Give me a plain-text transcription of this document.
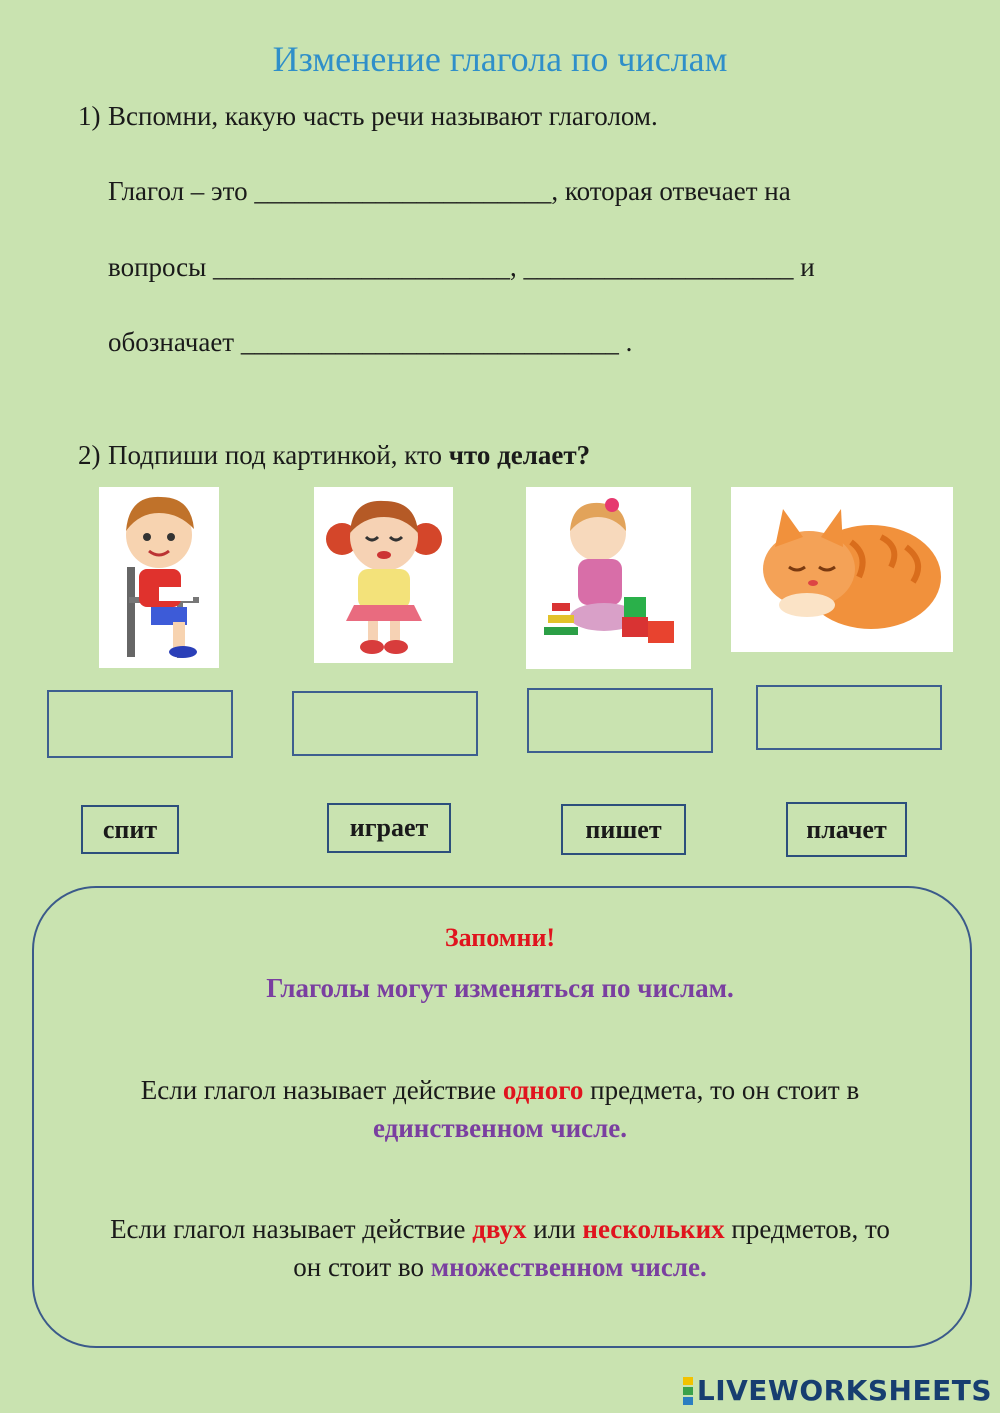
Изменение глагола по числам
1) Вспомни, какую часть речи называют глаголом.
Глагол – это ______________________, которая отвечает на
вопросы ______________________, ____________________ и
обозначает ____________________________ .
2) Подпиши под картинкой, кто что делает?
спит	играет	пишет	плачет
Запомни!
Глаголы могут изменяться по числам.
Если глагол называет действие одного предмета, то он стоит в
единственном числе.
Если глагол называет действие двух или нескольких предметов, то
он стоит во множественном числе.
LIVEWORKSHEETS
